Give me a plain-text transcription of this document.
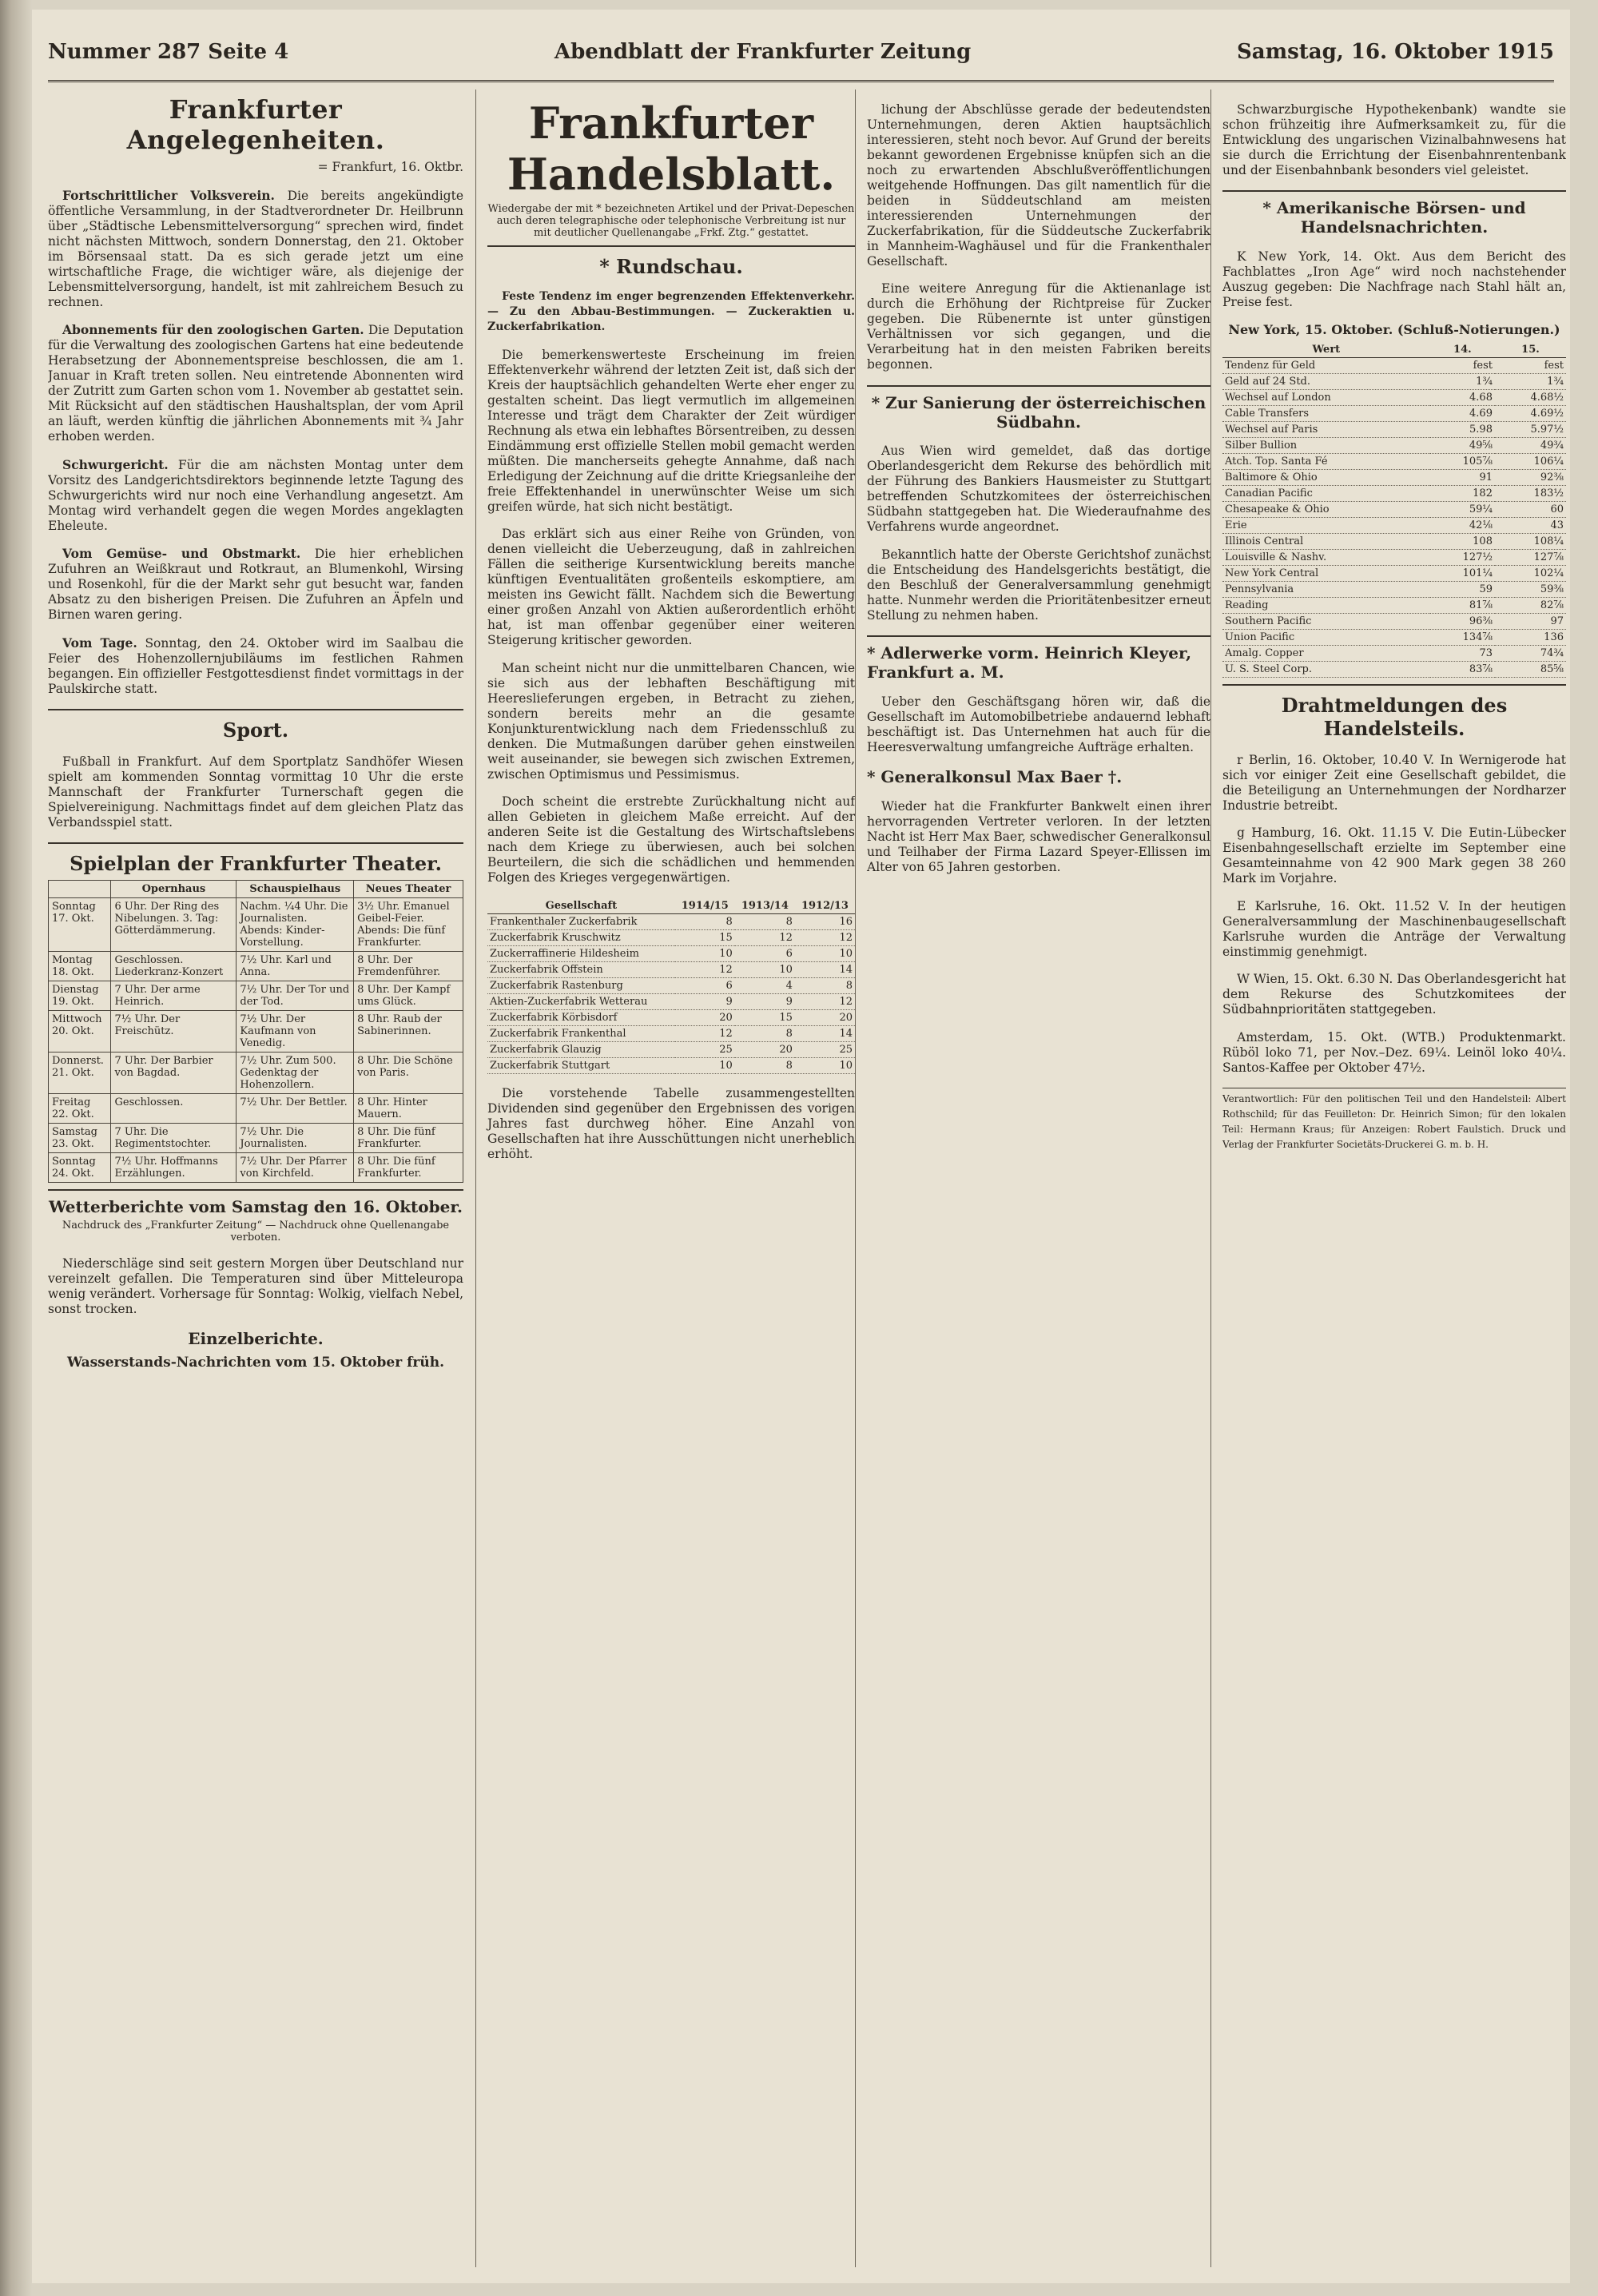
Nummer 287 Seite 4	Abendblatt der Frankfurter Zeitung	Samstag, 16. Oktober 1915
Frankfurter Angelegenheiten.
= Frankfurt, 16. Oktbr.

Fortschrittlicher Volksverein. Die bereits angekündigte öffentliche Versammlung, in der Stadtverordneter Dr. Heilbrunn über „Städtische Lebensmittelversorgung“ sprechen wird, findet nicht nächsten Mittwoch, sondern Donnerstag, den 21. Oktober im Börsensaal statt. Da es sich gerade jetzt um eine wirtschaftliche Frage, die wichtiger wäre, als diejenige der Lebensmittelversorgung, handelt, ist mit zahlreichem Besuch zu rechnen.

Abonnements für den zoologischen Garten. Die Deputation für die Verwaltung des zoologischen Gartens hat eine bedeutende Herabsetzung der Abonnementspreise beschlossen, die am 1. Januar in Kraft treten sollen. Neu eintretende Abonnenten wird der Zutritt zum Garten schon vom 1. November ab gestattet sein. Mit Rücksicht auf den städtischen Haushaltsplan, der vom April an läuft, werden künftig die jährlichen Abonnements mit ¾ Jahr erhoben werden.

Schwurgericht. Für die am nächsten Montag unter dem Vorsitz des Landgerichtsdirektors beginnende letzte Tagung des Schwurgerichts wird nur noch eine Verhandlung angesetzt. Am Montag wird verhandelt gegen die wegen Mordes angeklagten Eheleute.

Vom Gemüse- und Obstmarkt. Die hier erheblichen Zufuhren an Weißkraut und Rotkraut, an Blumenkohl, Wirsing und Rosenkohl, für die der Markt sehr gut besucht war, fanden Absatz zu den bisherigen Preisen. Die Zufuhren an Äpfeln und Birnen waren gering.

Vom Tage. Sonntag, den 24. Oktober wird im Saalbau die Feier des Hohenzollernjubiläums im festlichen Rahmen begangen. Ein offizieller Festgottesdienst findet vormittags in der Paulskirche statt.

Sport.

Fußball in Frankfurt. Auf dem Sportplatz Sandhöfer Wiesen spielt am kommenden Sonntag vormittag 10 Uhr die erste Mannschaft der Frankfurter Turnerschaft gegen die Spielvereinigung. Nachmittags findet auf dem gleichen Platz das Verbandsspiel statt.

Spielplan der Frankfurter Theater.
	Opernhaus	Schauspielhaus	Neues Theater
Sonntag 17. Okt.	6 Uhr. Der Ring des Nibelungen. 3. Tag: Götterdämmerung.	Nachm. ¼4 Uhr. Die Journalisten. Abends: Kinder-Vorstellung.	3½ Uhr. Emanuel Geibel-Feier. Abends: Die fünf Frankfurter.
Montag 18. Okt.	Geschlossen. Liederkranz-Konzert	7½ Uhr. Karl und Anna.	8 Uhr. Der Fremdenführer.
Dienstag 19. Okt.	7 Uhr. Der arme Heinrich.	7½ Uhr. Der Tor und der Tod.	8 Uhr. Der Kampf ums Glück.
Mittwoch 20. Okt.	7½ Uhr. Der Freischütz.	7½ Uhr. Der Kaufmann von Venedig.	8 Uhr. Raub der Sabinerinnen.
Donnerst. 21. Okt.	7 Uhr. Der Barbier von Bagdad.	7½ Uhr. Zum 500. Gedenktag der Hohenzollern.	8 Uhr. Die Schöne von Paris.
Freitag 22. Okt.	Geschlossen.	7½ Uhr. Der Bettler.	8 Uhr. Hinter Mauern.
Samstag 23. Okt.	7 Uhr. Die Regimentstochter.	7½ Uhr. Die Journalisten.	8 Uhr. Die fünf Frankfurter.
Sonntag 24. Okt.	7½ Uhr. Hoffmanns Erzählungen.	7½ Uhr. Der Pfarrer von Kirchfeld.	8 Uhr. Die fünf Frankfurter.
Wetterberichte vom Samstag den 16. Oktober.
Nachdruck des „Frankfurter Zeitung“ — Nachdruck ohne Quellenangabe verboten.

Niederschläge sind seit gestern Morgen über Deutschland nur vereinzelt gefallen. Die Temperaturen sind über Mitteleuropa wenig verändert. Vorhersage für Sonntag: Wolkig, vielfach Nebel, sonst trocken.

Einzelberichte.
Wasserstands-Nachrichten vom 15. Oktober früh.
Frankfurter Handelsblatt.
Wiedergabe der mit * bezeichneten Artikel und der Privat-Depeschen auch deren telegraphische oder telephonische Verbreitung ist nur mit deutlicher Quellenangabe „Frkf. Ztg.“ gestattet.
* Rundschau.

Feste Tendenz im enger begrenzenden Effektenverkehr. — Zu den Abbau-Bestimmungen. — Zuckeraktien u. Zuckerfabrikation.

Die bemerkenswerteste Erscheinung im freien Effektenverkehr während der letzten Zeit ist, daß sich der Kreis der hauptsächlich gehandelten Werte eher enger zu gestalten scheint. Das liegt vermutlich im allgemeinen Interesse und trägt dem Charakter der Zeit würdiger Rechnung als etwa ein lebhaftes Börsentreiben, zu dessen Eindämmung erst offizielle Stellen mobil gemacht werden müßten. Die mancherseits gehegte Annahme, daß nach Erledigung der Zeichnung auf die dritte Kriegsanleihe der freie Effektenhandel in unerwünschter Weise um sich greifen würde, hat sich nicht bestätigt.

Das erklärt sich aus einer Reihe von Gründen, von denen vielleicht die Ueberzeugung, daß in zahlreichen Fällen die seitherige Kursentwicklung bereits manche künftigen Eventualitäten großenteils eskomptiere, am meisten ins Gewicht fällt. Nachdem sich die Bewertung einer großen Anzahl von Aktien außerordentlich erhöht hat, ist man offenbar gegenüber einer weiteren Steigerung kritischer geworden.

Man scheint nicht nur die unmittelbaren Chancen, wie sie sich aus der lebhaften Beschäftigung mit Heereslieferungen ergeben, in Betracht zu ziehen, sondern bereits mehr an die gesamte Konjunkturentwicklung nach dem Friedensschluß zu denken. Die Mutmaßungen darüber gehen einstweilen weit auseinander, sie bewegen sich zwischen Extremen, zwischen Optimismus und Pessimismus.

Doch scheint die erstrebte Zurückhaltung nicht auf allen Gebieten in gleichem Maße erreicht. Auf der anderen Seite ist die Gestaltung des Wirtschaftslebens nach dem Kriege zu überwiesen, auch bei solchen Beurteilern, die sich die schädlichen und hemmenden Folgen des Krieges vergegenwärtigen.

Gesellschaft	1914/15	1913/14	1912/13
Frankenthaler Zuckerfabrik	8	8	16
Zuckerfabrik Kruschwitz	15	12	12
Zuckerraffinerie Hildesheim	10	6	10
Zuckerfabrik Offstein	12	10	14
Zuckerfabrik Rastenburg	6	4	8
Aktien-Zuckerfabrik Wetterau	9	9	12
Zuckerfabrik Körbisdorf	20	15	20
Zuckerfabrik Frankenthal	12	8	14
Zuckerfabrik Glauzig	25	20	25
Zuckerfabrik Stuttgart	10	8	10

Die vorstehende Tabelle zusammengestellten Dividenden sind gegenüber den Ergebnissen des vorigen Jahres fast durchweg höher. Eine Anzahl von Gesellschaften hat ihre Ausschüttungen nicht unerheblich erhöht.

lichung der Abschlüsse gerade der bedeutendsten Unternehmungen, deren Aktien hauptsächlich interessieren, steht noch bevor. Auf Grund der bereits bekannt gewordenen Ergebnisse knüpfen sich an die noch zu erwartenden Abschlußveröffentlichungen weitgehende Hoffnungen. Das gilt namentlich für die beiden in Süddeutschland am meisten interessierenden Unternehmungen der Zuckerfabrikation, für die Süddeutsche Zuckerfabrik in Mannheim-Waghäusel und für die Frankenthaler Gesellschaft.

Eine weitere Anregung für die Aktienanlage ist durch die Erhöhung der Richtpreise für Zucker gegeben. Die Rübenernte ist unter günstigen Verhältnissen vor sich gegangen, und die Verarbeitung hat in den meisten Fabriken bereits begonnen.

* Zur Sanierung der österreichischen Südbahn.

Aus Wien wird gemeldet, daß das dortige Oberlandesgericht dem Rekurse des behördlich mit der Führung des Bankiers Hausmeister zu Stuttgart betreffenden Schutzkomitees der österreichischen Südbahn stattgegeben hat. Die Wiederaufnahme des Verfahrens wurde angeordnet.

Bekanntlich hatte der Oberste Gerichtshof zunächst die Entscheidung des Handelsgerichts bestätigt, die den Beschluß der Generalversammlung genehmigt hatte. Nunmehr werden die Prioritätenbesitzer erneut Stellung zu nehmen haben.

* Adlerwerke vorm. Heinrich Kleyer, Frankfurt a. M.

Ueber den Geschäftsgang hören wir, daß die Gesellschaft im Automobilbetriebe andauernd lebhaft beschäftigt ist. Das Unternehmen hat auch für die Heeresverwaltung umfangreiche Aufträge erhalten.

* Generalkonsul Max Baer †.

Wieder hat die Frankfurter Bankwelt einen ihrer hervorragenden Vertreter verloren. In der letzten Nacht ist Herr Max Baer, schwedischer Generalkonsul und Teilhaber der Firma Lazard Speyer-Ellissen im Alter von 65 Jahren gestorben.

Schwarzburgische Hypothekenbank) wandte sie schon frühzeitig ihre Aufmerksamkeit zu, für die Entwicklung des ungarischen Vizinalbahnwesens hat sie durch die Errichtung der Eisenbahnrentenbank und der Eisenbahnbank besonders viel geleistet.

* Amerikanische Börsen- und Handelsnachrichten.

K New York, 14. Okt. Aus dem Bericht des Fachblattes „Iron Age“ wird noch nachstehender Auszug gegeben: Die Nachfrage nach Stahl hält an, Preise fest.

New York, 15. Oktober. (Schluß-Notierungen.)
Wert	14.	15.
Tendenz für Geld	fest	fest
Geld auf 24 Std.	1¾	1¾
Wechsel auf London	4.68	4.68½
Cable Transfers	4.69	4.69½
Wechsel auf Paris	5.98	5.97½
Silber Bullion	49⅝	49¾
Atch. Top. Santa Fé	105⅞	106¼
Baltimore & Ohio	91	92⅜
Canadian Pacific	182	183½
Chesapeake & Ohio	59¼	60
Erie	42⅛	43
Illinois Central	108	108¼
Louisville & Nashv.	127½	127⅞
New York Central	101¼	102¼
Pennsylvania	59	59⅜
Reading	81⅞	82⅞
Southern Pacific	96⅜	97
Union Pacific	134⅞	136
Amalg. Copper	73	74¾
U. S. Steel Corp.	83⅞	85⅝
Drahtmeldungen des Handelsteils.

r Berlin, 16. Oktober, 10.40 V. In Wernigerode hat sich vor einiger Zeit eine Gesellschaft gebildet, die die Beteiligung an Unternehmungen der Nordharzer Industrie betreibt.

g Hamburg, 16. Okt. 11.15 V. Die Eutin-Lübecker Eisenbahngesellschaft erzielte im September eine Gesamteinnahme von 42 900 Mark gegen 38 260 Mark im Vorjahre.

E Karlsruhe, 16. Okt. 11.52 V. In der heutigen Generalversammlung der Maschinenbaugesellschaft Karlsruhe wurden die Anträge der Verwaltung einstimmig genehmigt.

W Wien, 15. Okt. 6.30 N. Das Oberlandesgericht hat dem Rekurse des Schutzkomitees der Südbahnprioritäten stattgegeben.

Amsterdam, 15. Okt. (WTB.) Produktenmarkt. Rüböl loko 71, per Nov.–Dez. 69¼. Leinöl loko 40¼. Santos-Kaffee per Oktober 47½.

Verantwortlich: Für den politischen Teil und den Handelsteil: Albert Rothschild; für das Feuilleton: Dr. Heinrich Simon; für den lokalen Teil: Hermann Kraus; für Anzeigen: Robert Faulstich. Druck und Verlag der Frankfurter Societäts-Druckerei G. m. b. H.
